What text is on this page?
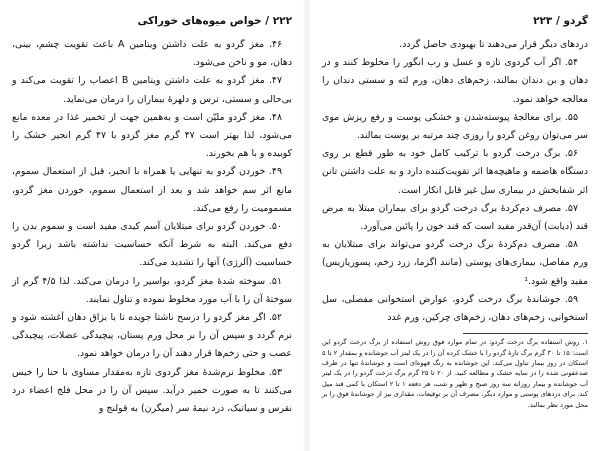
گردو / ۲۲۳

دردهای دیگر قرار می‌دهند تا بهبودی حاصل گردد.

۵۴. اگر آب گردوی تازه و عسل و رب انگور را مخلوط کنند و در دهان و بن دندان بمالند، زخم‌های دهان، ورم لثه و سستی دندان را معالجه خواهد نمود.

۵۵. برای معالجهٔ پیوسته‌شدن و خشکی پوست و رفع ریزش موی سر می‌توان روغن گردو را روزی چند مرتبه بر پوست بمالند.

۵۶. برگ درخت گردو با ترکیب کامل خود به طور قطع بر روی دستگاه هاضمه و ماهیچه‌ها اثر تقویت‌کننده دارد و به علت داشتن تانن اثر شفابخش در بیماری سل غیر قابل انکار است.

۵۷. مصرف دم‌کردهٔ برگ درخت گردو برای بیماران مبتلا به مرض قند (دیابت) آن‌قدر مفید است که قند خون را پائین می‌آورد.

۵۸. مصرف دم‌کردهٔ برگ درخت گردو می‌تواند برای مبتلایان به ورم مفاصل، بیماری‌های پوستی (مانند اگزما، زرد زخم، پسوریازیس) مفید واقع شود.¹

۵۹. جوشاندهٔ برگ درخت گردو، عوارض استخوانی مفصلی، سل استخوانی، زخم‌های دهان، زخم‌های چرکین، ورم غدد

۱. روش استفاده برگ درخت گردو: در تمام موارد فوق روش استفاده از برگ درخت گردو این است: ۱۵ تا ۳۰ گرم برگ تازهٔ گردو را با خشک کرده آن را در یک لیتر آب جوشانده و بمقدار ۲ تا ۵ استکان در روز بیمار تناول می‌کند. این جوشانده به رنگ قهوه‌ای است و جوشاندهٔ تنها در ظرف ضدعفونی شده را در سایه خشک و مطالعه کنید. از ۲۰ تا ۲۵ گرم برگ درخت گردو را در یک لیتر آب جوشانده و بیمار روزانه سه روز صبح و ظهر و شب، هر دفعه ۱ تا ۲ استکان با کمی قند میل کند. برای دردهای پوستی و موارد دیگر، مصرف آن بر توقیعات، مقداری نیز از جوشاندهٔ فوق را بر محل مورد نظر بمالند.

۲۲۲ / خواص میوه‌های خوراکی

۴۶. مغز گردو به علت داشتن ویتامین A باعث تقویت چشم، بینی، دهان، مو و ناخن می‌شود.

۴۷. مغز گردو به علت داشتن ویتامین B اعصاب را تقویت می‌کند و بی‌حالی و سستی، ترس و دلهرهٔ بیماران را درمان می‌نماید.

۴۸. مغز گردو ملیّن است و به‌همین جهت از تخمیر غذا در معده مانع می‌شود، لذا بهتر است ۴۷ گرم مغز گردو با ۴۷ گرم انجیر خشک را کوبیده و با هم بخورند.

۴۹. خوردن گردو به تنهایی یا همراه با انجیر، قبل از استعمال سموم، مانع اثر سم خواهد شد و بعد از استعمال سموم، خوردن مغز گردو، مسمومیت را رفع می‌کند.

۵۰. خوردن گردو برای مبتلایان آسم کیدی مفید است و سموم بدن را دفع می‌کند. البته به شرط آنکه حساسیت نداشته باشد زیرا گردو حساسیت (آلرژی) آنها را تشدید می‌کند.

۵۱. سوخته شدهٔ مغز گردو، بواسیر را درمان می‌کند. لذا ۴/۵ گرم از سوختهٔ آن را با آب مورد مخلوط نموده و تناول نمایند.

۵۲. اگر مغز گردو را درسح ناشتا جویده تا با بزاق دهان آغشته شود و نرم گردد و سپس آن را بر محل ورم پستان، پیچیدگی عضلات، پیچیدگی عصب و حتی زخم‌ها قرار دهند آن را درمان خواهد نمود.

۵۳. مخلوط نرم‌شدهٔ مغز گردوی تازه به‌مقدار مساوی با حنا را خیس می‌کنند تا به صورت خمیر درآید. سپس آن را در محل فلج اعضاء درد نقرس و سیاتیک، درد نیمهٔ سر (میگرن) ‌به ‌قولنج و
